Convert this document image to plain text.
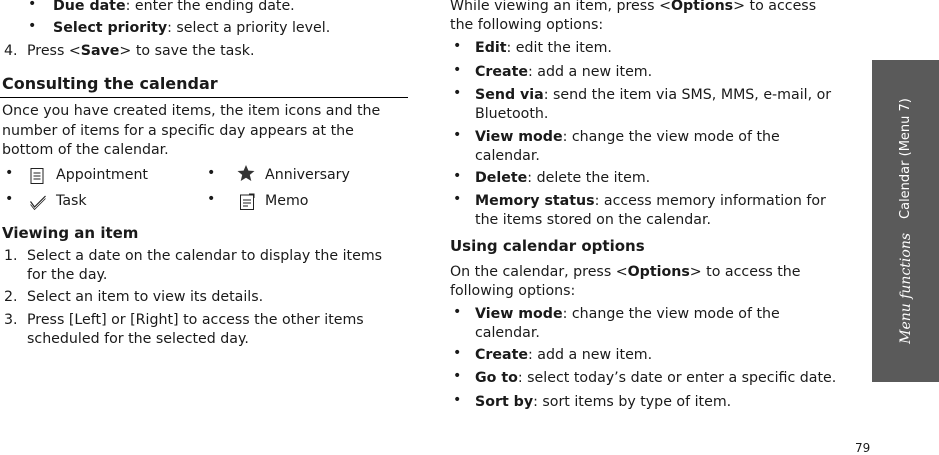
• Due date: enter the ending date.
• Select priority: select a priority level.
4. Press <Save> to save the task.
Consulting the calendar
Once you have created items, the item icons and the
number of items for a specific day appears at the
bottom of the calendar.
•	Appointment	•	Anniversary
•	Task	•	Memo
Viewing an item
1. Select a date on the calendar to display the items
for the day.
2. Select an item to view its details.
3. Press [Left] or [Right] to access the other items
scheduled for the selected day.
While viewing an item, press <Options> to access
the following options:
• Edit: edit the item.
• Create: add a new item.
• Send via: send the item via SMS, MMS, e-mail, or
Bluetooth.
• View mode: change the view mode of the
calendar.
• Delete: delete the item.
• Memory status: access memory information for
the items stored on the calendar.
Using calendar options
On the calendar, press <Options> to access the
following options:
• View mode: change the view mode of the
calendar.
• Create: add a new item.
• Go to: select today’s date or enter a specific date.
• Sort by: sort items by type of item.
Menu functions
Calendar (Menu 7)
79
